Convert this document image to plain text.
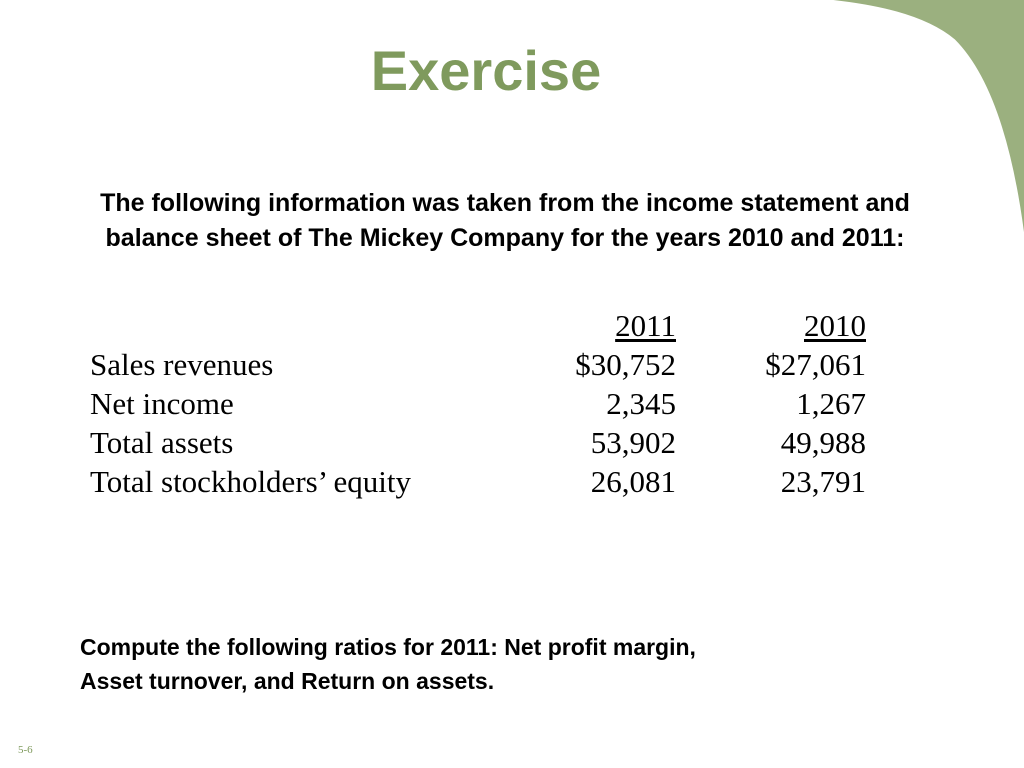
Exercise
The following information was taken from the income statement and
balance sheet of The Mickey Company for the years 2010 and 2011:
	2011	2010
Sales revenues	$30,752	$27,061
Net income	2,345	1,267
Total assets	53,902	49,988
Total stockholders’ equity	26,081	23,791
Compute the following ratios for 2011: Net profit margin,
Asset turnover, and Return on assets.
5-6
